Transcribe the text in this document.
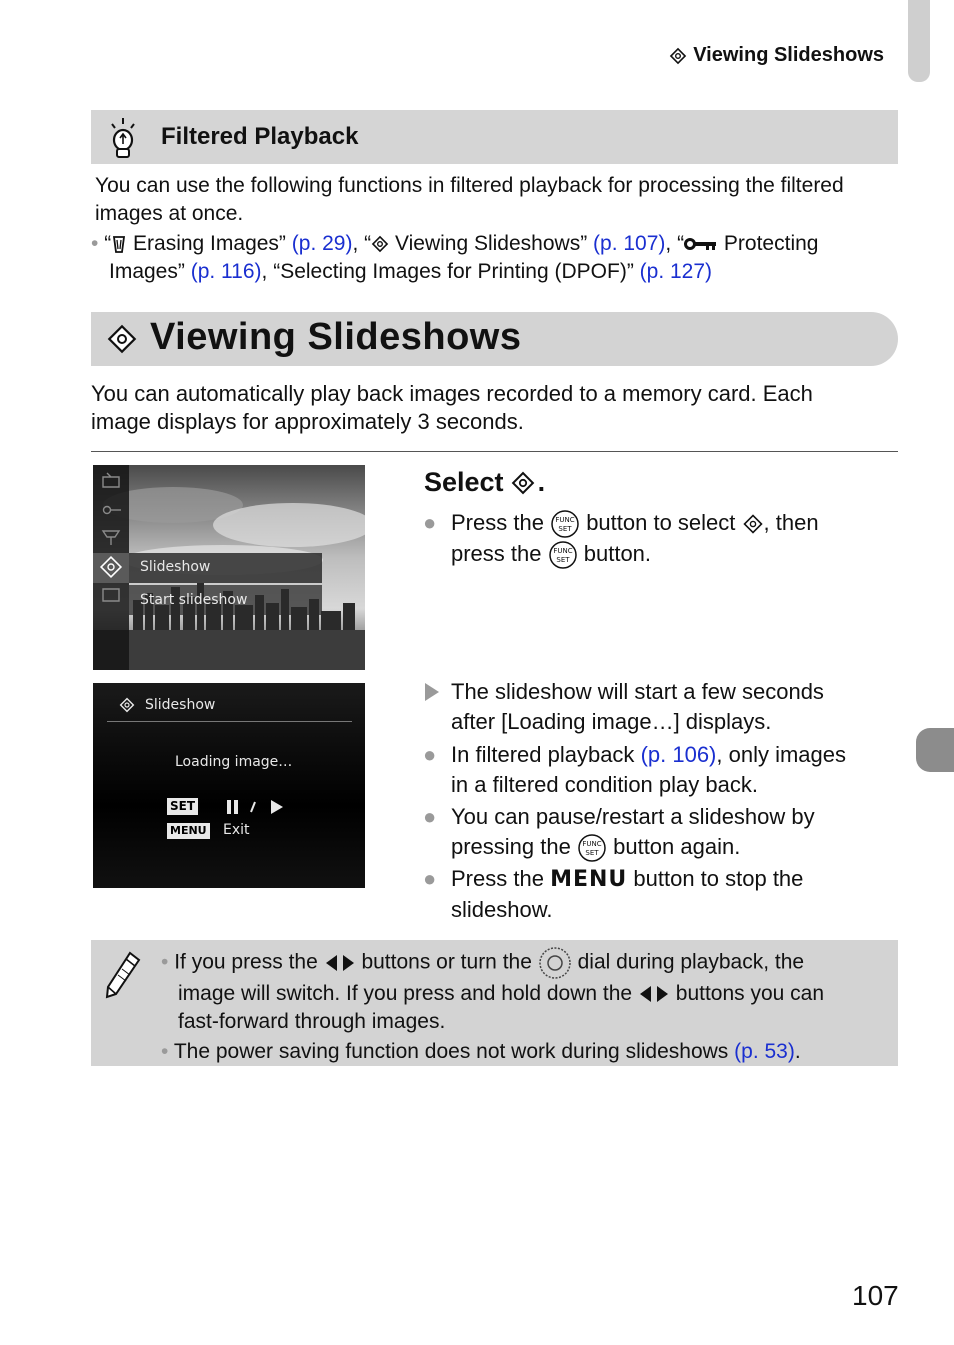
Viewing Slideshows
Filtered Playback
You can use the following functions in filtered playback for processing the filtered
images at once.
• “ Erasing Images” (p. 29), “ Viewing Slideshows” (p. 107), “ Protecting
Images” (p. 116), “Selecting Images for Printing (DPOF)” (p. 127)
Viewing Slideshows
You can automatically play back images recorded to a memory card. Each
image displays for approximately 3 seconds.
Slideshow
Start slideshow
Slideshow
Loading image…
SET
MENU Exit
Select .
● Press the FUNC
SET button to select , then
press the FUNC
SET button.
The slideshow will start a few seconds
after [Loading image…] displays.
● In filtered playback (p. 106), only images
in a filtered condition play back.
● You can pause/restart a slideshow by
pressing the FUNC
SET button again.
● Press the MENU button to stop the
slideshow.
• If you press the buttons or turn the dial during playback, the
image will switch. If you press and hold down the buttons you can
fast-forward through images.
• The power saving function does not work during slideshows (p. 53).
107
